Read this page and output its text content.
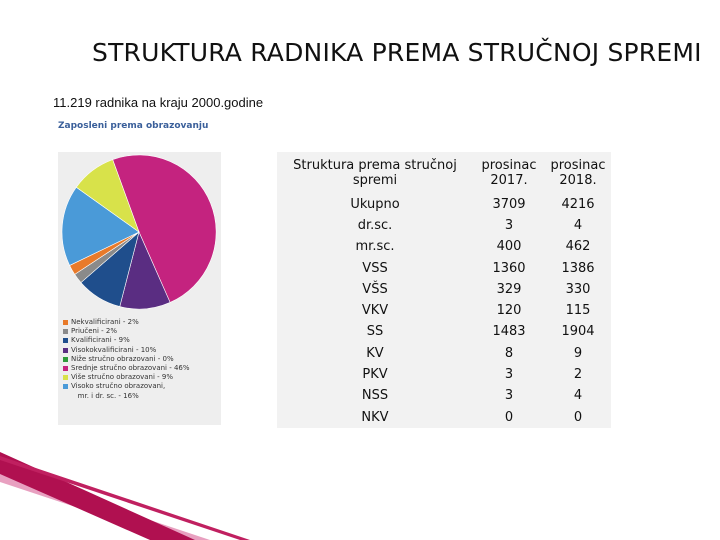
STRUKTURA RADNIKA PREMA STRUČNOJ SPREMI
11.219 radnika na kraju 2000.godine
Zaposleni prema obrazovanju
Nekvalificirani - 2%
Priučeni - 2%
Kvalificirani - 9%
Visokokvalificirani - 10%
Niže stručno obrazovani - 0%
Srednje stručno obrazovani - 46%
Više stručno obrazovani - 9%
Visoko stručno obrazovani,
mr. i dr. sc. - 16%
Struktura prema stručnoj spremi	prosinac 2017.	prosinac 2018.
Ukupno	3709	4216
dr.sc.	3	4
mr.sc.	400	462
VSS	1360	1386
VŠS	329	330
VKV	120	115
SS	1483	1904
KV	8	9
PKV	3	2
NSS	3	4
NKV	0	0
